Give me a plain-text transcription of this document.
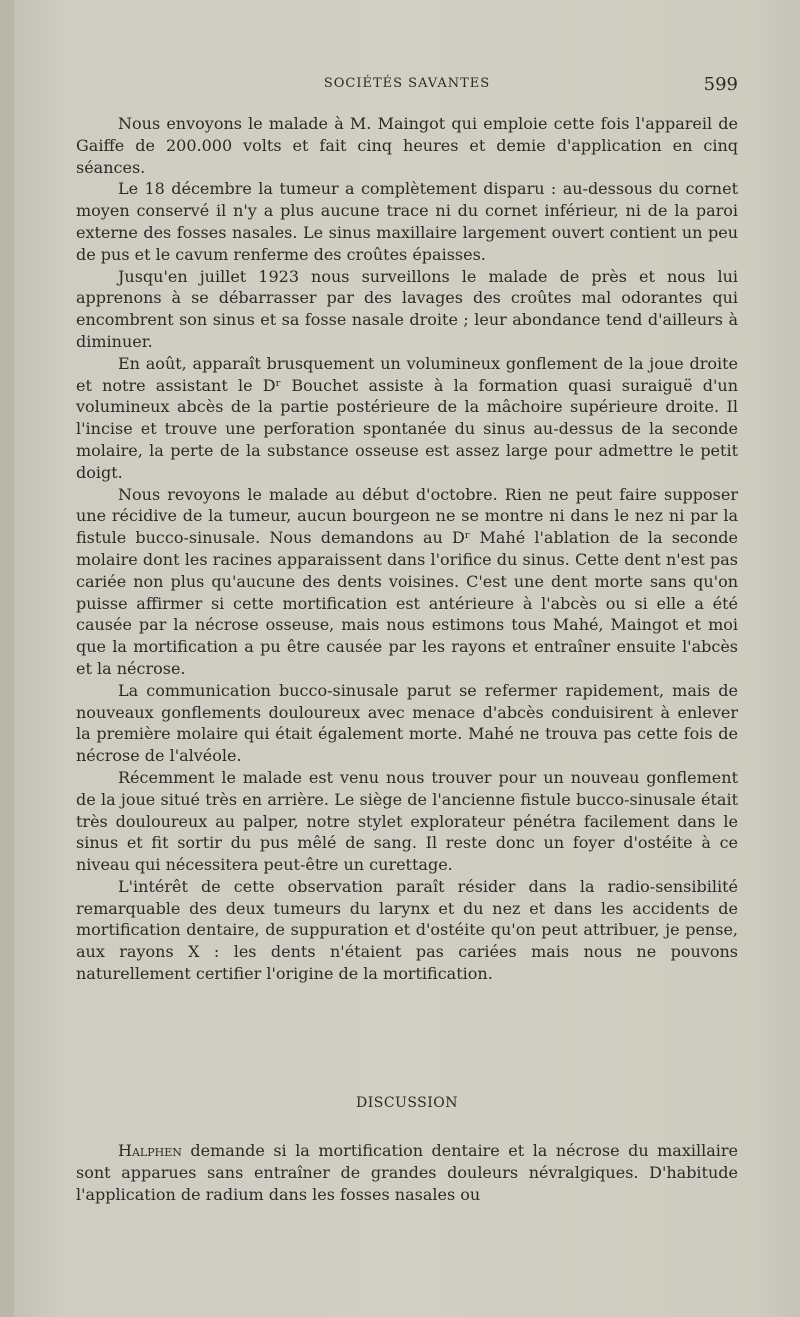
SOCIÉTÉS SAVANTES	599

Nous envoyons le malade à M. Maingot qui emploie cette fois l'appareil de Gaiffe de 200.000 volts et fait cinq heures et demie d'application en cinq séances.

Le 18 décembre la tumeur a complètement disparu : au-dessous du cornet moyen conservé il n'y a plus aucune trace ni du cornet inférieur, ni de la paroi externe des fosses nasales. Le sinus maxillaire largement ouvert contient un peu de pus et le cavum renferme des croûtes épaisses.

Jusqu'en juillet 1923 nous surveillons le malade de près et nous lui apprenons à se débarrasser par des lavages des croûtes mal odorantes qui encombrent son sinus et sa fosse nasale droite ; leur abondance tend d'ailleurs à diminuer.

En août, apparaît brusquement un volumineux gonflement de la joue droite et notre assistant le Dʳ Bouchet assiste à la formation quasi suraiguë d'un volumineux abcès de la partie postérieure de la mâchoire supérieure droite. Il l'incise et trouve une perforation spontanée du sinus au-dessus de la seconde molaire, la perte de la substance osseuse est assez large pour admettre le petit doigt.

Nous revoyons le malade au début d'octobre. Rien ne peut faire supposer une récidive de la tumeur, aucun bourgeon ne se montre ni dans le nez ni par la fistule bucco-sinusale. Nous demandons au Dʳ Mahé l'ablation de la seconde molaire dont les racines apparaissent dans l'orifice du sinus. Cette dent n'est pas cariée non plus qu'aucune des dents voisines. C'est une dent morte sans qu'on puisse affirmer si cette mortification est antérieure à l'abcès ou si elle a été causée par la nécrose osseuse, mais nous estimons tous Mahé, Maingot et moi que la mortification a pu être causée par les rayons et entraîner ensuite l'abcès et la nécrose.

La communication bucco-sinusale parut se refermer rapidement, mais de nouveaux gonflements douloureux avec menace d'abcès conduisirent à enlever la première molaire qui était également morte. Mahé ne trouva pas cette fois de nécrose de l'alvéole.

Récemment le malade est venu nous trouver pour un nouveau gonflement de la joue situé très en arrière. Le siège de l'ancienne fistule bucco-sinusale était très douloureux au palper, notre stylet explorateur pénétra facilement dans le sinus et fit sortir du pus mêlé de sang. Il reste donc un foyer d'ostéite à ce niveau qui nécessitera peut-être un curettage.

L'intérêt de cette observation paraît résider dans la radio-sensibilité remarquable des deux tumeurs du larynx et du nez et dans les accidents de mortification dentaire, de suppuration et d'ostéite qu'on peut attribuer, je pense, aux rayons X : les dents n'étaient pas cariées mais nous ne pouvons naturellement certifier l'origine de la mortification.

DISCUSSION

Halphen demande si la mortification dentaire et la nécrose du maxillaire sont apparues sans entraîner de grandes douleurs névralgiques. D'habitude l'application de radium dans les fosses nasales ou
